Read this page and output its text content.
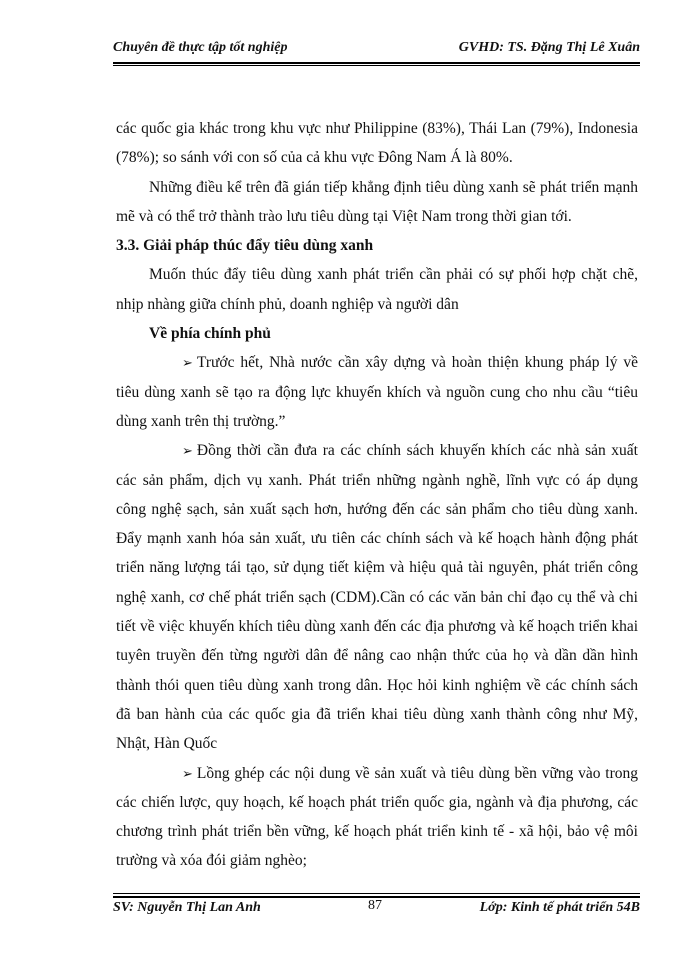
Chuyên đề thực tập tốt nghiệp	GVHD: TS. Đặng Thị Lê Xuân

các quốc gia khác trong khu vực như Philippine (83%), Thái Lan (79%), Indonesia (78%); so sánh với con số của cả khu vực Đông Nam Á là 80%.

Những điều kể trên đã gián tiếp khẳng định tiêu dùng xanh sẽ phát triển mạnh mẽ và có thể trở thành trào lưu tiêu dùng tại Việt Nam trong thời gian tới.

3.3. Giải pháp thúc đẩy tiêu dùng xanh

Muốn thúc đẩy tiêu dùng xanh phát triển cần phải có sự phối hợp chặt chẽ, nhịp nhàng giữa chính phủ, doanh nghiệp và người dân

Về phía chính phủ

➢ Trước hết, Nhà nước cần xây dựng và hoàn thiện khung pháp lý về tiêu dùng xanh sẽ tạo ra động lực khuyến khích và nguồn cung cho nhu cầu “tiêu dùng xanh trên thị trường.”

➢ Đồng thời cần đưa ra các chính sách khuyến khích các nhà sản xuất các sản phẩm, dịch vụ xanh. Phát triển những ngành nghề, lĩnh vực có áp dụng công nghệ sạch, sản xuất sạch hơn, hướng đến các sản phẩm cho tiêu dùng xanh. Đẩy mạnh xanh hóa sản xuất, ưu tiên các chính sách và kế hoạch hành động phát triển năng lượng tái tạo, sử dụng tiết kiệm và hiệu quả tài nguyên, phát triển công nghệ xanh, cơ chế phát triển sạch (CDM).Cần có các văn bản chỉ đạo cụ thể và chi tiết về việc khuyến khích tiêu dùng xanh đến các địa phương và kế hoạch triển khai tuyên truyền đến từng người dân để nâng cao nhận thức của họ và dần dần hình thành thói quen tiêu dùng xanh trong dân. Học hỏi kinh nghiệm về các chính sách đã ban hành của các quốc gia đã triển khai tiêu dùng xanh thành công như Mỹ, Nhật, Hàn Quốc

➢ Lồng ghép các nội dung về sản xuất và tiêu dùng bền vững vào trong các chiến lược, quy hoạch, kế hoạch phát triển quốc gia, ngành và địa phương, các chương trình phát triển bền vững, kế hoạch phát triển kinh tế - xã hội, bảo vệ môi trường và xóa đói giảm nghèo;

SV: Nguyễn Thị Lan Anh	87	Lớp: Kinh tế phát triển 54B
